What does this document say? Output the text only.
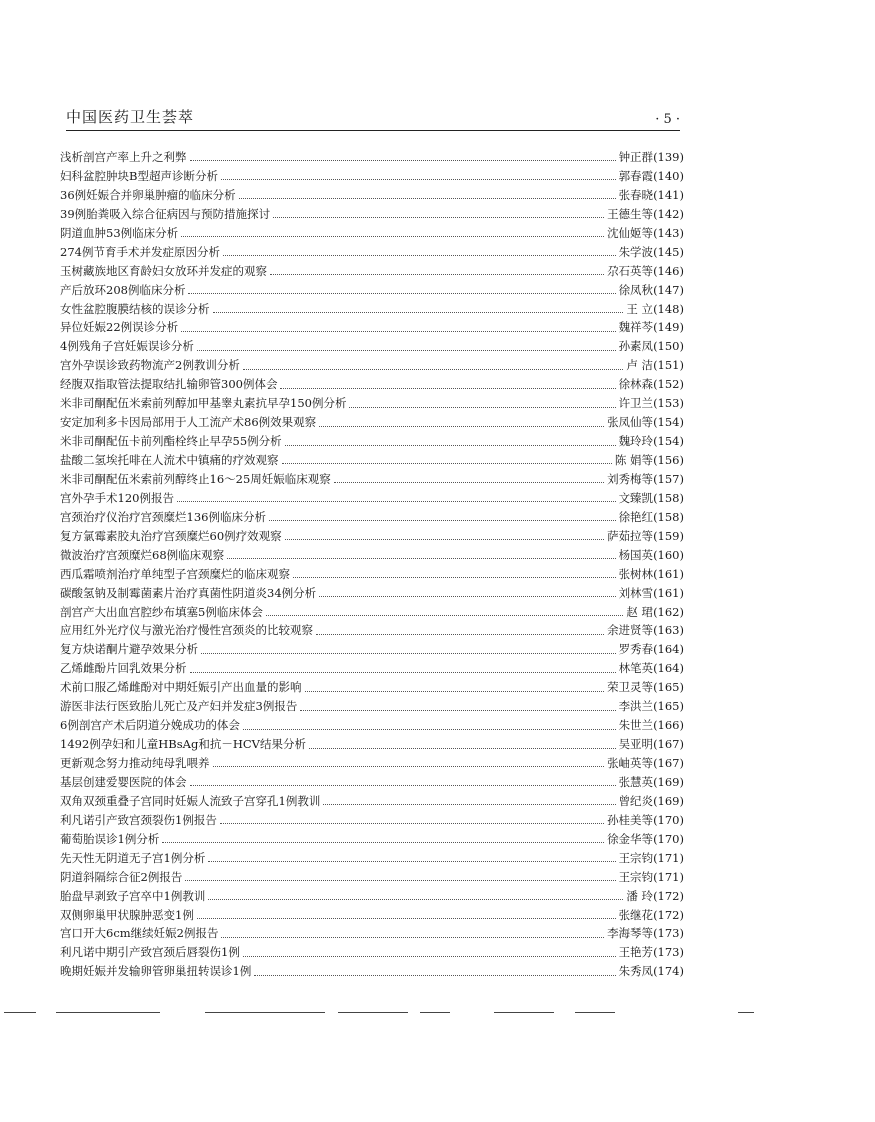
中国医药卫生荟萃	· 5 ·
浅析剖宫产率上升之利弊	钟正群 (139)
妇科盆腔肿块B型超声诊断分析	郭春霞 (140)
36例妊娠合并卵巢肿瘤的临床分析	张春晓 (141)
39例胎粪吸入综合征病因与预防措施探讨	王德生等 (142)
阴道血肿53例临床分析	沈仙姬等 (143)
274例节育手术并发症原因分析	朱学波 (145)
玉树藏族地区育龄妇女放环并发症的观察	尕石英等 (146)
产后放环208例临床分析	徐凤秋 (147)
女性盆腔腹膜结核的误诊分析	王 立 (148)
异位妊娠22例误诊分析	魏祥芩 (149)
4例残角子宫妊娠误诊分析	孙素凤 (150)
宫外孕误诊致药物流产2例教训分析	卢 洁 (151)
经腹双指取管法提取结扎输卵管300例体会	徐林森 (152)
米非司酮配伍米索前列醇加甲基睾丸素抗早孕150例分析	许卫兰 (153)
安定加利多卡因局部用于人工流产术86例效果观察	张凤仙等 (154)
米非司酮配伍卡前列酯栓终止早孕55例分析	魏玲玲 (154)
盐酸二氢埃托啡在人流术中镇痛的疗效观察	陈 娟等 (156)
米非司酮配伍米索前列醇终止16～25周妊娠临床观察	刘秀梅等 (157)
宫外孕手术120例报告	文臻凯 (158)
宫颈治疗仪治疗宫颈糜烂136例临床分析	徐艳红 (158)
复方氯霉素胶丸治疗宫颈糜烂60例疗效观察	萨茹拉等 (159)
微波治疗宫颈糜烂68例临床观察	杨国英 (160)
西瓜霜喷剂治疗单纯型子宫颈糜烂的临床观察	张树林 (161)
碳酸氢钠及制霉菌素片治疗真菌性阴道炎34例分析	刘林雪 (161)
剖宫产大出血宫腔纱布填塞5例临床体会	赵 珺 (162)
应用红外光疗仪与激光治疗慢性宫颈炎的比较观察	余进贤等 (163)
复方炔诺酮片避孕效果分析	罗秀春 (164)
乙烯雌酚片回乳效果分析	林笔英 (164)
术前口服乙烯雌酚对中期妊娠引产出血量的影响	荣卫灵等 (165)
游医非法行医致胎儿死亡及产妇并发症3例报告	李洪兰 (165)
6例剖宫产术后阴道分娩成功的体会	朱世兰 (166)
1492例孕妇和儿童HBsAg和抗－HCV结果分析	吴亚明 (167)
更新观念努力推动纯母乳喂养	张岫英等 (167)
基层创建爱婴医院的体会	张慧英 (169)
双角双颈重叠子宫同时妊娠人流致子宫穿孔1例教训	曾纪炎 (169)
利凡诺引产致宫颈裂伤1例报告	孙桂美等 (170)
葡萄胎误诊1例分析	徐金华等 (170)
先天性无阴道无子宫1例分析	王宗钧 (171)
阴道斜隔综合征2例报告	王宗钧 (171)
胎盘早剥致子宫卒中1例教训	潘 玲 (172)
双侧卵巢甲状腺肿恶变1例	张继花 (172)
宫口开大6cm继续妊娠2例报告	李海琴等 (173)
利凡诺中期引产致宫颈后唇裂伤1例	王艳芳 (173)
晚期妊娠并发输卵管卵巢扭转误诊1例	朱秀凤 (174)
